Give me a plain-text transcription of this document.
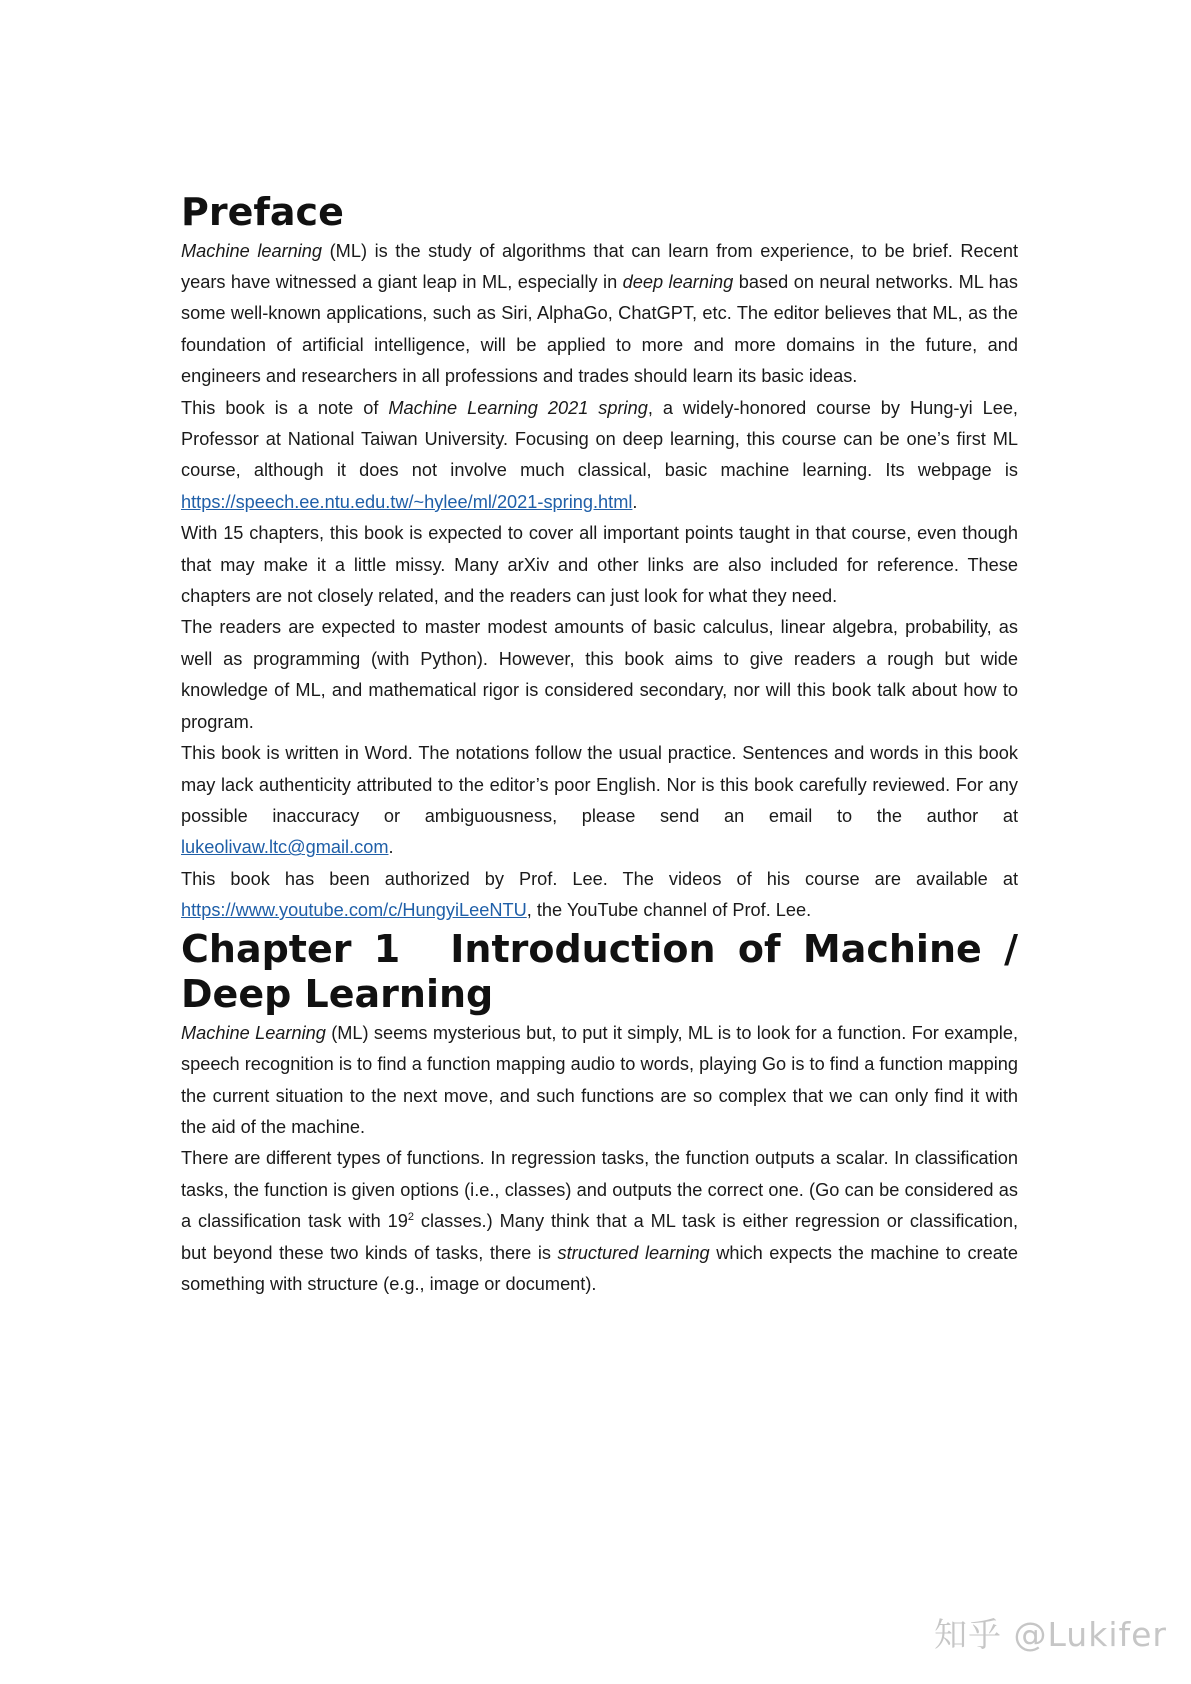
Preface

Machine learning (ML) is the study of algorithms that can learn from experience, to be brief. Recent years have witnessed a giant leap in ML, especially in deep learning based on neural networks. ML has some well-known applications, such as Siri, AlphaGo, ChatGPT, etc. The editor believes that ML, as the foundation of artificial intelligence, will be applied to more and more domains in the future, and engineers and researchers in all professions and trades should learn its basic ideas.

This book is a note of Machine Learning 2021 spring, a widely-honored course by Hung-yi Lee, Professor at National Taiwan University. Focusing on deep learning, this course can be one’s first ML course, although it does not involve much classical, basic machine learning. Its webpage is https://speech.ee.ntu.edu.tw/~hylee/ml/2021-spring.html.

With 15 chapters, this book is expected to cover all important points taught in that course, even though that may make it a little missy. Many arXiv and other links are also included for reference. These chapters are not closely related, and the readers can just look for what they need.

The readers are expected to master modest amounts of basic calculus, linear algebra, probability, as well as programming (with Python). However, this book aims to give readers a rough but wide knowledge of ML, and mathematical rigor is considered secondary, nor will this book talk about how to program.

This book is written in Word. The notations follow the usual practice. Sentences and words in this book may lack authenticity attributed to the editor’s poor English. Nor is this book carefully reviewed. For any possible inaccuracy or ambiguousness, please send an email to the author at lukeolivaw.ltc@gmail.com.

This book has been authorized by Prof. Lee. The videos of his course are available at https://www.youtube.com/c/HungyiLeeNTU, the YouTube channel of Prof. Lee.

Chapter 1 Introduction of Machine / Deep Learning

Machine Learning (ML) seems mysterious but, to put it simply, ML is to look for a function. For example, speech recognition is to find a function mapping audio to words, playing Go is to find a function mapping the current situation to the next move, and such functions are so complex that we can only find it with the aid of the machine.

There are different types of functions. In regression tasks, the function outputs a scalar. In classification tasks, the function is given options (i.e., classes) and outputs the correct one. (Go can be considered as a classification task with $19^2$ classes.) Many think that a ML task is either regression or classification, but beyond these two kinds of tasks, there is structured learning which expects the machine to create something with structure (e.g., image or document).

知乎 @Lukifer
